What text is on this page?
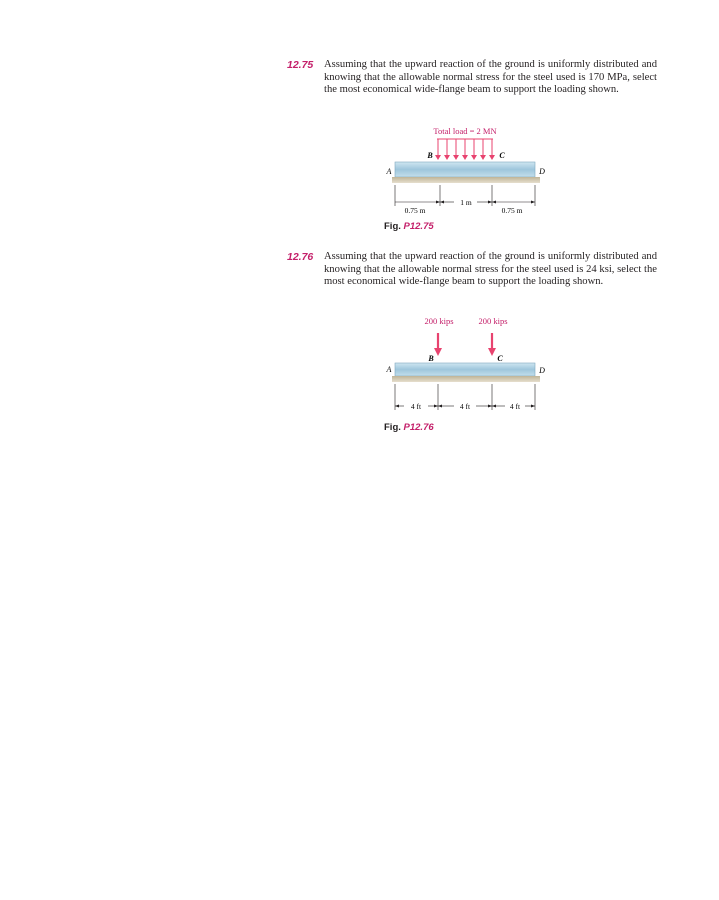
12.75 Assuming that the upward reaction of the ground is uniformly distributed and knowing that the allowable normal stress for the steel used is 170 MPa, select the most economical wide-flange beam to support the loading shown.
Total load = 2 MN
B	C
A	D
0.75 m
1 m
0.75 m
Fig. P12.75
12.76 Assuming that the upward reaction of the ground is uniformly distributed and knowing that the allowable normal stress for the steel used is 24 ksi, select the most economical wide-flange beam to support the loading shown.
200 kips	200 kips
B	C
A	D
4 ft	4 ft	4 ft
Fig. P12.76
